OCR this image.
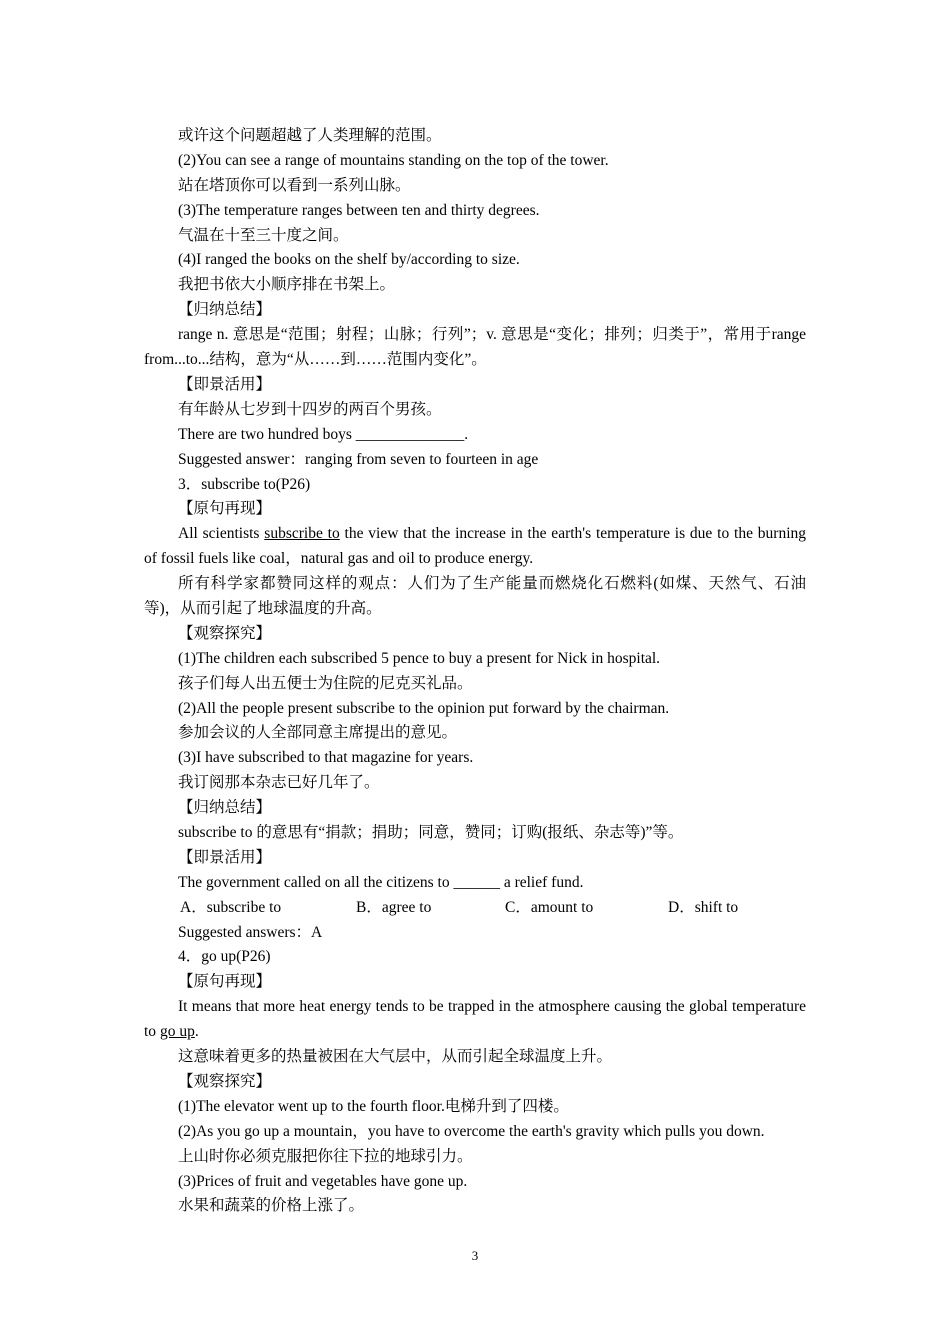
或许这个问题超越了人类理解的范围。
(2)You can see a range of mountains standing on the top of the tower.
站在塔顶你可以看到一系列山脉。
(3)The temperature ranges between ten and thirty degrees.
气温在十至三十度之间。
(4)I ranged the books on the shelf by/according to size.
我把书依大小顺序排在书架上。
【归纳总结】
range n. 意思是“范围；射程；山脉；行列”；v. 意思是“变化；排列；归类于”，常用于range from...to...结构，意为“从……到……范围内变化”。
【即景活用】
有年龄从七岁到十四岁的两百个男孩。
There are two hundred boys ______________.
Suggested answer：ranging from seven to fourteen in age
3．subscribe to(P26)
【原句再现】
All scientists subscribe to the view that the increase in the earth's temperature is due to the burning of fossil fuels like coal，natural gas and oil to produce energy.
所有科学家都赞同这样的观点：人们为了生产能量而燃烧化石燃料(如煤、天然气、石油等)，从而引起了地球温度的升高。
【观察探究】
(1)The children each subscribed 5 pence to buy a present for Nick in hospital.
孩子们每人出五便士为住院的尼克买礼品。
(2)All the people present subscribe to the opinion put forward by the chairman.
参加会议的人全部同意主席提出的意见。
(3)I have subscribed to that magazine for years.
我订阅那本杂志已好几年了。
【归纳总结】
subscribe to 的意思有“捐款；捐助；同意，赞同；订购(报纸、杂志等)”等。
【即景活用】
The government called on all the citizens to ______ a relief fund.
A．subscribe to	B．agree to	C．amount to	D．shift to
Suggested answers：A
4．go up(P26)
【原句再现】
It means that more heat energy tends to be trapped in the atmosphere causing the global temperature to go up.
这意味着更多的热量被困在大气层中，从而引起全球温度上升。
【观察探究】
(1)The elevator went up to the fourth floor.电梯升到了四楼。
(2)As you go up a mountain，you have to overcome the earth's gravity which pulls you down.
上山时你必须克服把你往下拉的地球引力。
(3)Prices of fruit and vegetables have gone up.
水果和蔬菜的价格上涨了。
3
